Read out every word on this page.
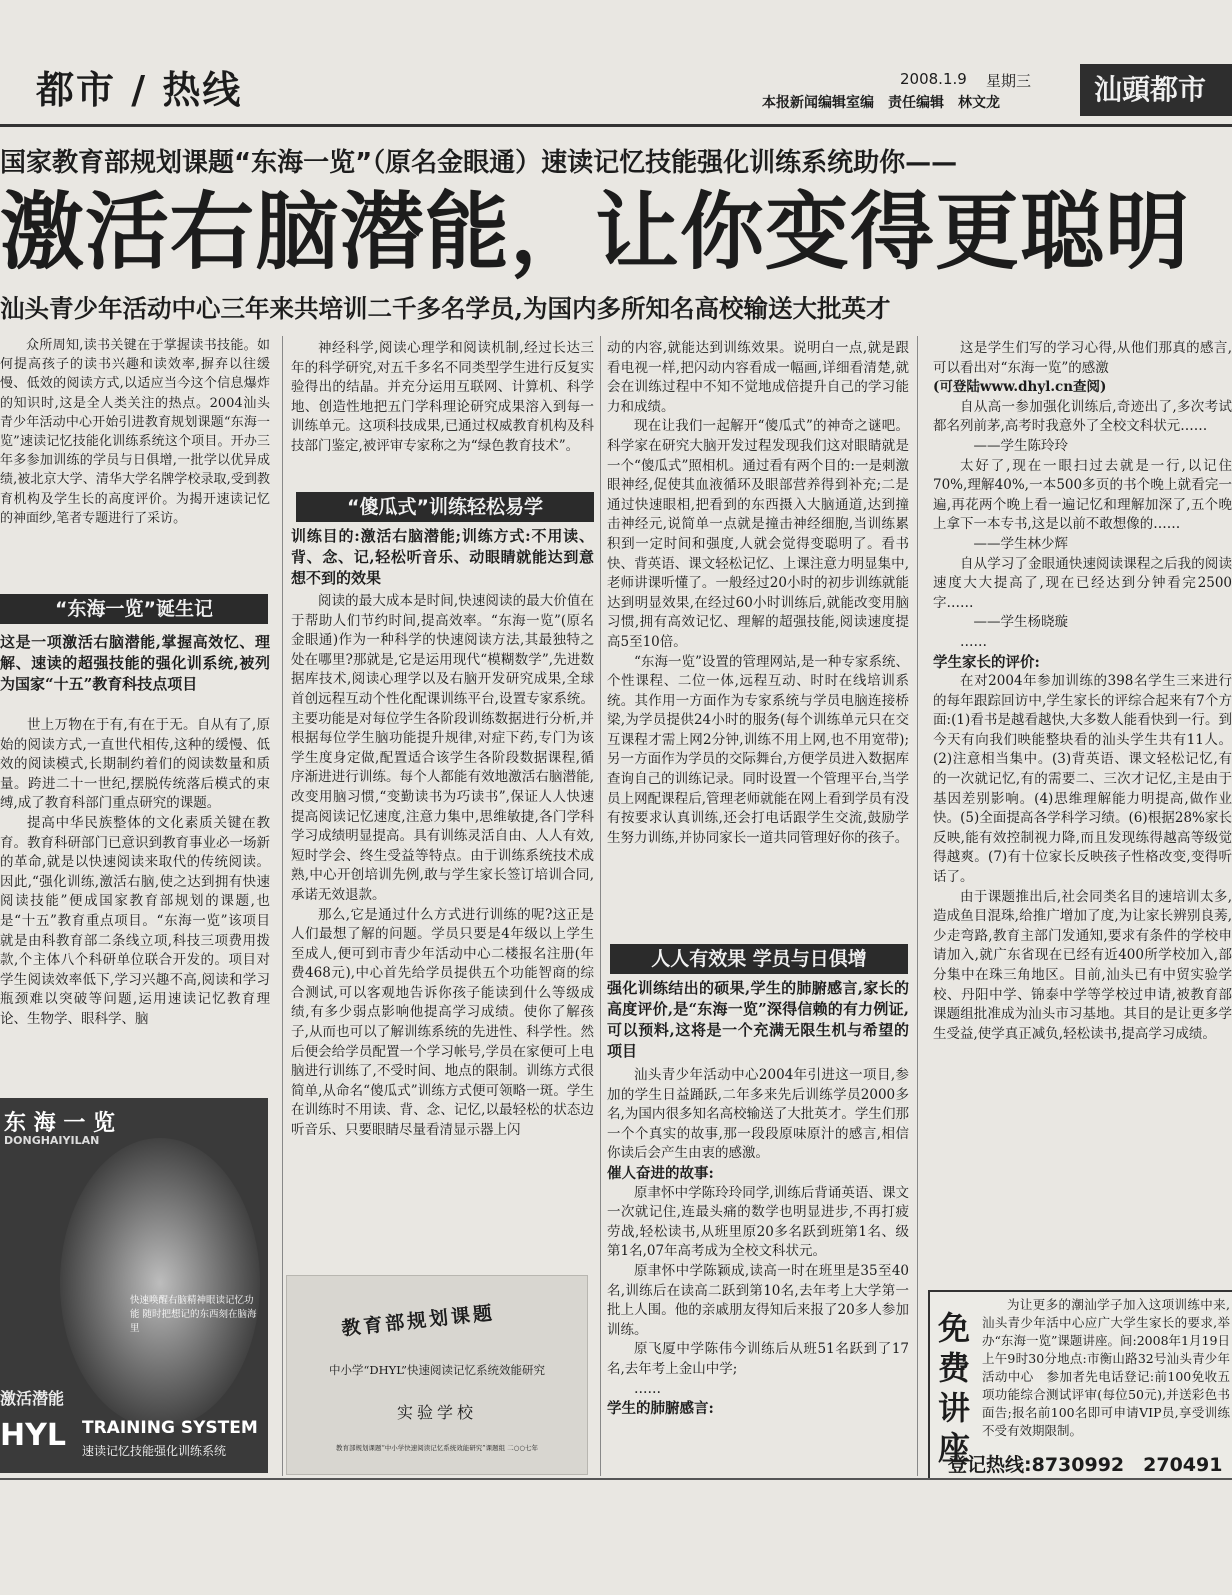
都市 / 热线	2008.1.9 星期三
本报新闻编辑室编　责任编辑　林文龙	汕頭都市
国家教育部规划课题“东海一览”（原名金眼通）速读记忆技能强化训练系统助你——
激活右脑潜能，让你变得更聪明
汕头青少年活动中心三年来共培训二千多名学员,为国内多所知名高校输送大批英才

众所周知,读书关键在于掌握读书技能。如何提高孩子的读书兴趣和读效率,摒弃以往缓慢、低效的阅读方式,以适应当今这个信息爆炸的知识时,这是全人类关注的热点。2004汕头青少年活动中心开始引进教育规划课题“东海一览”速读记忆技能化训练系统这个项目。开办三年多参加训练的学员与日俱增,一批学以优异成绩,被北京大学、清华大学名牌学校录取,受到教育机构及学生长的高度评价。为揭开速读记忆的神面纱,笔者专题进行了采访。

“东海一览”诞生记
这是一项激活右脑潜能,掌握高效忆、理解、速读的超强技能的强化训系统,被列为国家“十五”教育科技点项目

世上万物在于有,有在于无。自从有了,原始的阅读方式,一直世代相传,这种的缓慢、低效的阅读模式,长期制约着们的阅读数量和质量。跨进二十一世纪,摆脱传统落后模式的束缚,成了教育科部门重点研究的课题。

提高中华民族整体的文化素质关键在教育。教育科研部门已意识到教育事业必一场新的革命,就是以快速阅读来取代的传统阅读。因此,“强化训练,激活右脑,使之达到拥有快速阅读技能”便成国家教育部规划的课题,也是“十五”教育重点项目。“东海一览”该项目就是由科教育部二条线立项,科技三项费用拨款,个主体八个科研单位联合开发的。项目对学生阅读效率低下,学习兴趣不高,阅读和学习瓶颈难以突破等问题,运用速读记忆教育理论、生物学、眼科学、脑

东 海 一 览
DONGHAIYILAN
快速唤醒右脑精神眼读记忆功能 随时把想记的东西刻在脑海里
激活潜能
HYL TRAINING SYSTEM
速读记忆技能强化训练系统

神经科学,阅读心理学和阅读机制,经过长达三年的科学研究,对五千多名不同类型学生进行反复实验得出的结晶。并充分运用互联网、计算机、科学地、创造性地把五门学科理论研究成果溶入到每一训练单元。这项科技成果,已通过权威教育机构及科技部门鉴定,被评审专家称之为“绿色教育技术”。

“傻瓜式”训练轻松易学
训练目的:激活右脑潜能;训练方式:不用读、背、念、记,轻松听音乐、动眼睛就能达到意想不到的效果

阅读的最大成本是时间,快速阅读的最大价值在于帮助人们节约时间,提高效率。“东海一览”(原名金眼通)作为一种科学的快速阅读方法,其最独特之处在哪里?那就是,它是运用现代“模糊数学”,先进数据库技术,阅读心理学以及右脑开发研究成果,全球首创远程互动个性化配课训练平台,设置专家系统。主要功能是对每位学生各阶段训练数据进行分析,并根据每位学生脑功能提升规律,对症下药,专门为该学生度身定做,配置适合该学生各阶段数据课程,循序渐进进行训练。每个人都能有效地激活右脑潜能,改变用脑习惯,“变勤读书为巧读书”,保证人人快速提高阅读记忆速度,注意力集中,思维敏捷,各门学科学习成绩明显提高。具有训练灵活自由、人人有效,短时学会、终生受益等特点。由于训练系统技术成熟,中心开创培训先例,敢与学生家长签订培训合同,承诺无效退款。

那么,它是通过什么方式进行训练的呢?这正是人们最想了解的问题。学员只要是4年级以上学生至成人,便可到市青少年活动中心二楼报名注册(年费468元),中心首先给学员提供五个功能智商的综合测试,可以客观地告诉你孩子能读到什么等级成绩,有多少弱点影响他提高学习成绩。使你了解孩子,从而也可以了解训练系统的先进性、科学性。然后便会给学员配置一个学习帐号,学员在家便可上电脑进行训练了,不受时间、地点的限制。训练方式很简单,从命名“傻瓜式”训练方式便可领略一斑。学生在训练时不用读、背、念、记忆,以最轻松的状态边听音乐、只要眼睛尽量看清显示器上闪

教育部规划课题
中小学“DHYL”快速阅读记忆系统效能研究
实验学校
教育部规划课题“中小学快速阅读记忆系统效能研究”课题组 二○○七年

动的内容,就能达到训练效果。说明白一点,就是跟看电视一样,把闪动内容看成一幅画,详细看清楚,就会在训练过程中不知不觉地成倍提升自己的学习能力和成绩。

现在让我们一起解开“傻瓜式”的神奇之谜吧。科学家在研究大脑开发过程发现我们这对眼睛就是一个“傻瓜式”照相机。通过看有两个目的:一是刺激眼神经,促使其血液循环及眼部营养得到补充;二是通过快速眼相,把看到的东西摄入大脑通道,达到撞击神经元,说简单一点就是撞击神经细胞,当训练累积到一定时间和强度,人就会觉得变聪明了。看书快、背英语、课文轻松记忆、上课注意力明显集中,老师讲课听懂了。一般经过20小时的初步训练就能达到明显效果,在经过60小时训练后,就能改变用脑习惯,拥有高效记忆、理解的超强技能,阅读速度提高5至10倍。

“东海一览”设置的管理网站,是一种专家系统、个性课程、二位一体,远程互动、时时在线培训系统。其作用一方面作为专家系统与学员电脑连接桥梁,为学员提供24小时的服务(每个训练单元只在交互课程才需上网2分钟,训练不用上网,也不用宽带);另一方面作为学员的交际舞台,方便学员进入数据库查询自己的训练记录。同时设置一个管理平台,当学员上网配课程后,管理老师就能在网上看到学员有没有按要求认真训练,还会打电话跟学生交流,鼓励学生努力训练,并协同家长一道共同管理好你的孩子。

人人有效果 学员与日俱增
强化训练结出的硕果,学生的肺腑感言,家长的高度评价,是“东海一览”深得信赖的有力例证,可以预料,这将是一个充满无限生机与希望的项目

汕头青少年活动中心2004年引进这一项目,参加的学生日益踊跃,二年多来先后训练学员2000多名,为国内很多知名高校输送了大批英才。学生们那一个个真实的故事,那一段段原味原汁的感言,相信你读后会产生由衷的感激。

催人奋进的故事:

原聿怀中学陈玲玲同学,训练后背诵英语、课文一次就记住,连最头痛的数学也明显进步,不再打疲劳战,轻松读书,从班里原20多名跃到班第1名、级第1名,07年高考成为全校文科状元。

原聿怀中学陈颖成,读高一时在班里是35至40名,训练后在读高二跃到第10名,去年考上大学第一批上人围。他的亲戚朋友得知后来报了20多人参加训练。

原飞厦中学陈伟今训练后从班51名跃到了17名,去年考上金山中学;

……

学生的肺腑感言:

这是学生们写的学习心得,从他们那真的感言,可以看出对“东海一览”的感激

(可登陆www.dhyl.cn查阅)

自从高一参加强化训练后,奇迹出了,多次考试都名列前茅,高考时我意外了全校文科状元……

——学生陈玲玲

太好了,现在一眼扫过去就是一行,以记住70%,理解40%,一本500多页的书个晚上就看完一遍,再花两个晚上看一遍记忆和理解加深了,五个晚上拿下一本专书,这是以前不敢想像的……

——学生林少辉

自从学习了金眼通快速阅读课程之后我的阅读速度大大提高了,现在已经达到分钟看完2500字……

——学生杨晓璇

……

学生家长的评价:

在对2004年参加训练的398名学生三来进行的每年跟踪回访中,学生家长的评综合起来有7个方面:(1)看书是越看越快,大多数人能看快到一行。到今天有向我们映能整块看的汕头学生共有11人。(2)注意相当集中。(3)背英语、课文轻松记忆,有的一次就记忆,有的需要二、三次才记忆,主是由于基因差别影响。(4)思维理解能力明提高,做作业快。(5)全面提高各学科学习绩。(6)根据28%家长反映,能有效控制视力降,而且发现练得越高等级觉得越爽。(7)有十位家长反映孩子性格改变,变得听话了。

由于课题推出后,社会同类名目的速培训太多,造成鱼目混珠,给推广增加了度,为让家长辨别良莠,少走弯路,教育主部门发通知,要求有条件的学校申请加入,就广东省现在已经有近400所学校加入,部分集中在珠三角地区。目前,汕头已有中贸实验学校、丹阳中学、锦泰中学等学校过申请,被教育部课题组批准成为汕头市习基地。其目的是让更多学生受益,使学真正减负,轻松读书,提高学习成绩。

免费讲座
为让更多的潮汕学子加入这项训练中来,汕头青少年活中心应广大学生家长的要求,举办“东海一览”课题讲座。间:2008年1月19日上午9时30分地点:市衡山路32号汕头青少年活动中心　参加者先电话登记:前100免收五项功能综合测试评审(每位50元),并送彩色书面告;报名前100名即可申请VIP员,享受训练不受有效期限制。
登记热线:8730992　270491
